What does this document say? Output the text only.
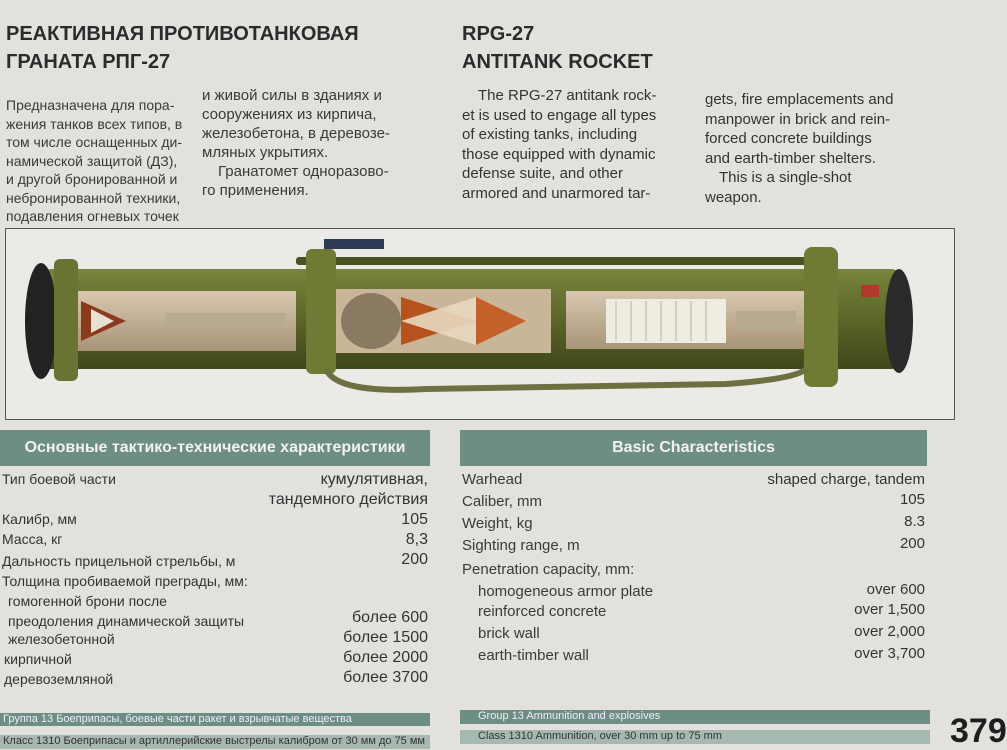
РЕАКТИВНАЯ ПРОТИВОТАНКОВАЯ
ГРАНАТА РПГ-27
RPG-27
ANTITANK ROCKET
Предназначена для пора-
жения танков всех типов, в
том числе оснащенных ди-
намической защитой (ДЗ),
и другой бронированной и
небронированной техники,
подавления огневых точек
и живой силы в зданиях и
сооружениях из кирпича,
железобетона, в деревозе-
мляных укрытиях.
Гранатомет одноразово-
го применения.
The RPG-27 antitank rock-
et is used to engage all types
of existing tanks, including
those equipped with dynamic
defense suite, and other
armored and unarmored tar-
gets, fire emplacements and
manpower in brick and rein-
forced concrete buildings
and earth-timber shelters.
This is a single-shot
weapon.
Основные тактико-технические характеристики
Тип боевой части	кумулятивная,
тандемного действия
Калибр, мм	105
Масса, кг	8,3
Дальность прицельной стрельбы, м	200
Толщина пробиваемой преграды, мм:
гомогенной брони после
преодоления динамической защиты	более 600
железобетонной	более 1500
кирпичной	более 2000
деревоземляной	более 3700
Basic Characteristics
Warhead	shaped charge, tandem
Caliber, mm	105
Weight, kg	8.3
Sighting range, m	200
Penetration capacity, mm:
homogeneous armor plate	over 600
reinforced concrete	over 1,500
brick wall	over 2,000
earth-timber wall	over 3,700
Группа 13 Боеприпасы, боевые части ракет и взрывчатые вещества
Класс 1310 Боеприпасы и артиллерийские выстрелы калибром от 30 мм до 75 мм
Group 13 Ammunition and explosives
Class 1310 Ammunition, over 30 mm up to 75 mm	379
